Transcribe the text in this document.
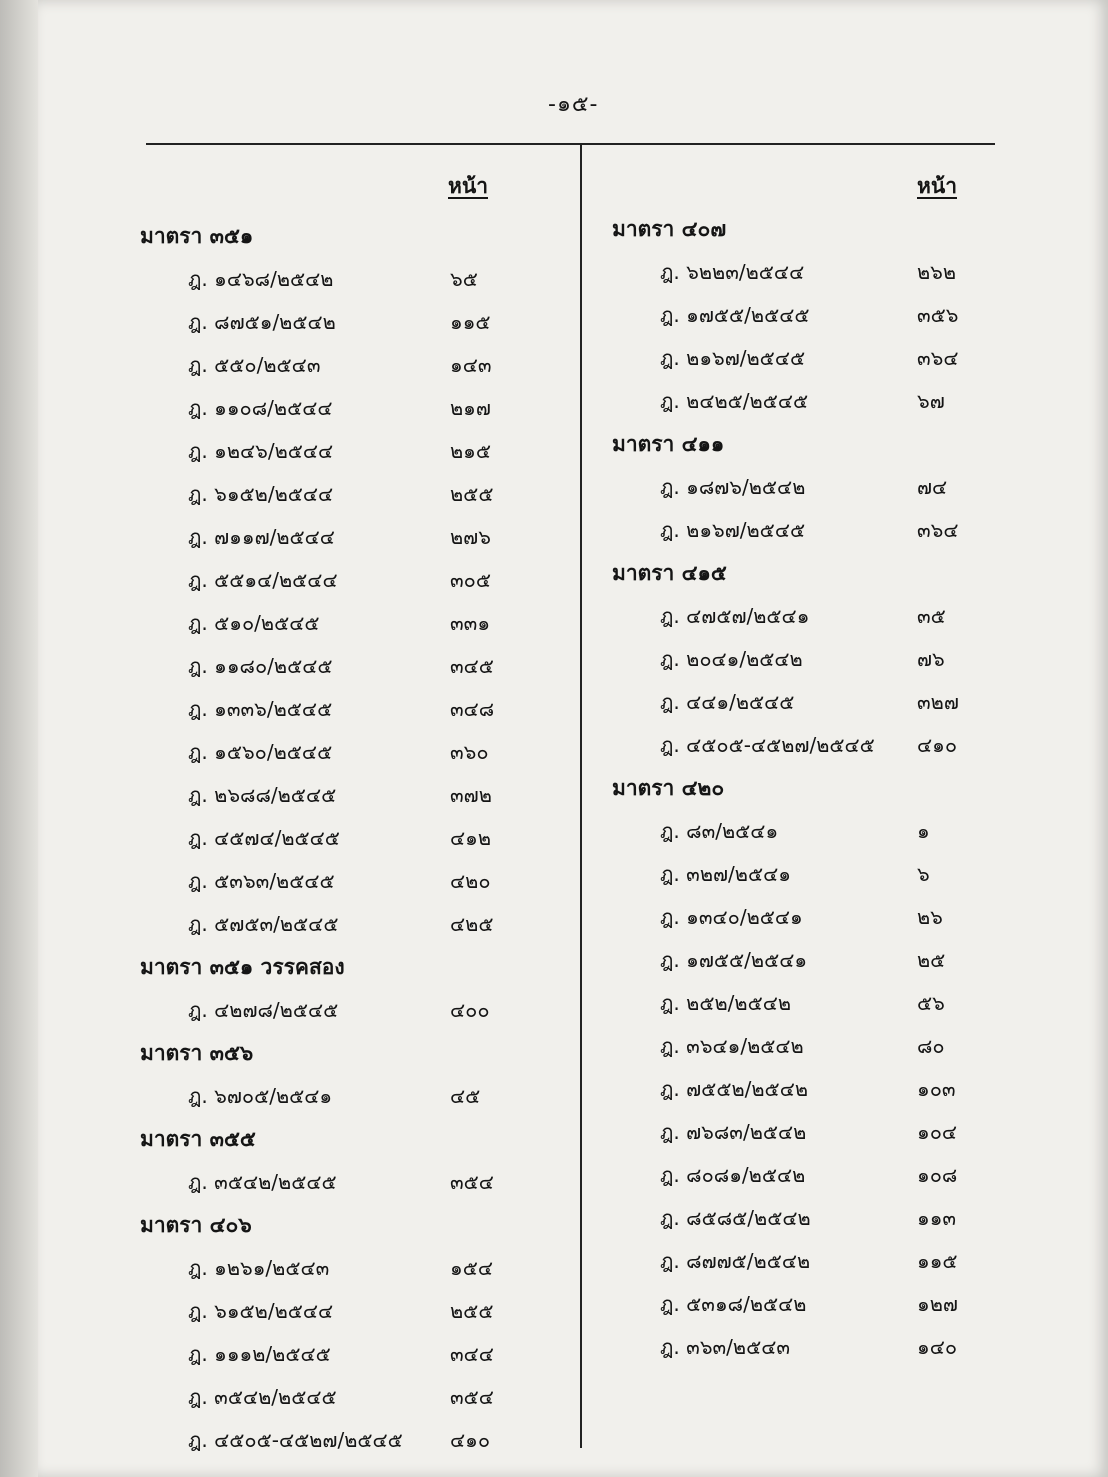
-๑๕-
หน้า	หน้า
มาตรา ๓๕๑
ฎ. ๑๔๖๘/๒๕๔๒	๖๕
ฎ. ๘๗๕๑/๒๕๔๒	๑๑๕
ฎ. ๕๕๐/๒๕๔๓	๑๔๓
ฎ. ๑๑๐๘/๒๕๔๔	๒๑๗
ฎ. ๑๒๔๖/๒๕๔๔	๒๑๕
ฎ. ๖๑๕๒/๒๕๔๔	๒๕๕
ฎ. ๗๑๑๗/๒๕๔๔	๒๗๖
ฎ. ๕๕๑๔/๒๕๔๔	๓๐๕
ฎ. ๕๑๐/๒๕๔๕	๓๓๑
ฎ. ๑๑๘๐/๒๕๔๕	๓๔๕
ฎ. ๑๓๓๖/๒๕๔๕	๓๔๘
ฎ. ๑๕๖๐/๒๕๔๕	๓๖๐
ฎ. ๒๖๘๘/๒๕๔๕	๓๗๒
ฎ. ๔๕๗๔/๒๕๔๕	๔๑๒
ฎ. ๕๓๖๓/๒๕๔๕	๔๒๐
ฎ. ๕๗๕๓/๒๕๔๕	๔๒๕
มาตรา ๓๕๑ วรรคสอง
ฎ. ๔๒๗๘/๒๕๔๕	๔๐๐
มาตรา ๓๕๖
ฎ. ๖๗๐๕/๒๕๔๑	๔๕
มาตรา ๓๕๕
ฎ. ๓๕๔๒/๒๕๔๕	๓๕๔
มาตรา ๔๐๖
ฎ. ๑๒๖๑/๒๕๔๓	๑๕๔
ฎ. ๖๑๕๒/๒๕๔๔	๒๕๕
ฎ. ๑๑๑๒/๒๕๔๕	๓๔๔
ฎ. ๓๕๔๒/๒๕๔๕	๓๕๔
ฎ. ๔๕๐๕-๔๕๒๗/๒๕๔๕ ๔๑๐
มาตรา ๔๐๗
ฎ. ๖๒๒๓/๒๕๔๔	๒๖๒
ฎ. ๑๗๕๕/๒๕๔๕	๓๕๖
ฎ. ๒๑๖๗/๒๕๔๕	๓๖๔
ฎ. ๒๔๒๕/๒๕๔๕	๖๗
มาตรา ๔๑๑
ฎ. ๑๘๗๖/๒๕๔๒	๗๔
ฎ. ๒๑๖๗/๒๕๔๕	๓๖๔
มาตรา ๔๑๕
ฎ. ๔๗๕๗/๒๕๔๑	๓๕
ฎ. ๒๐๔๑/๒๕๔๒	๗๖
ฎ. ๔๔๑/๒๕๔๕	๓๒๗
ฎ. ๔๕๐๕-๔๕๒๗/๒๕๔๕ ๔๑๐
มาตรา ๔๒๐
ฎ. ๘๓/๒๕๔๑	๑
ฎ. ๓๒๗/๒๕๔๑	๖
ฎ. ๑๓๔๐/๒๕๔๑	๒๖
ฎ. ๑๗๕๕/๒๕๔๑	๒๕
ฎ. ๒๕๒/๒๕๔๒	๕๖
ฎ. ๓๖๔๑/๒๕๔๒	๘๐
ฎ. ๗๕๕๒/๒๕๔๒	๑๐๓
ฎ. ๗๖๘๓/๒๕๔๒	๑๐๔
ฎ. ๘๐๘๑/๒๕๔๒	๑๐๘
ฎ. ๘๕๘๕/๒๕๔๒	๑๑๓
ฎ. ๘๗๗๕/๒๕๔๒	๑๑๕
ฎ. ๕๓๑๘/๒๕๔๒	๑๒๗
ฎ. ๓๖๓/๒๕๔๓	๑๔๐
